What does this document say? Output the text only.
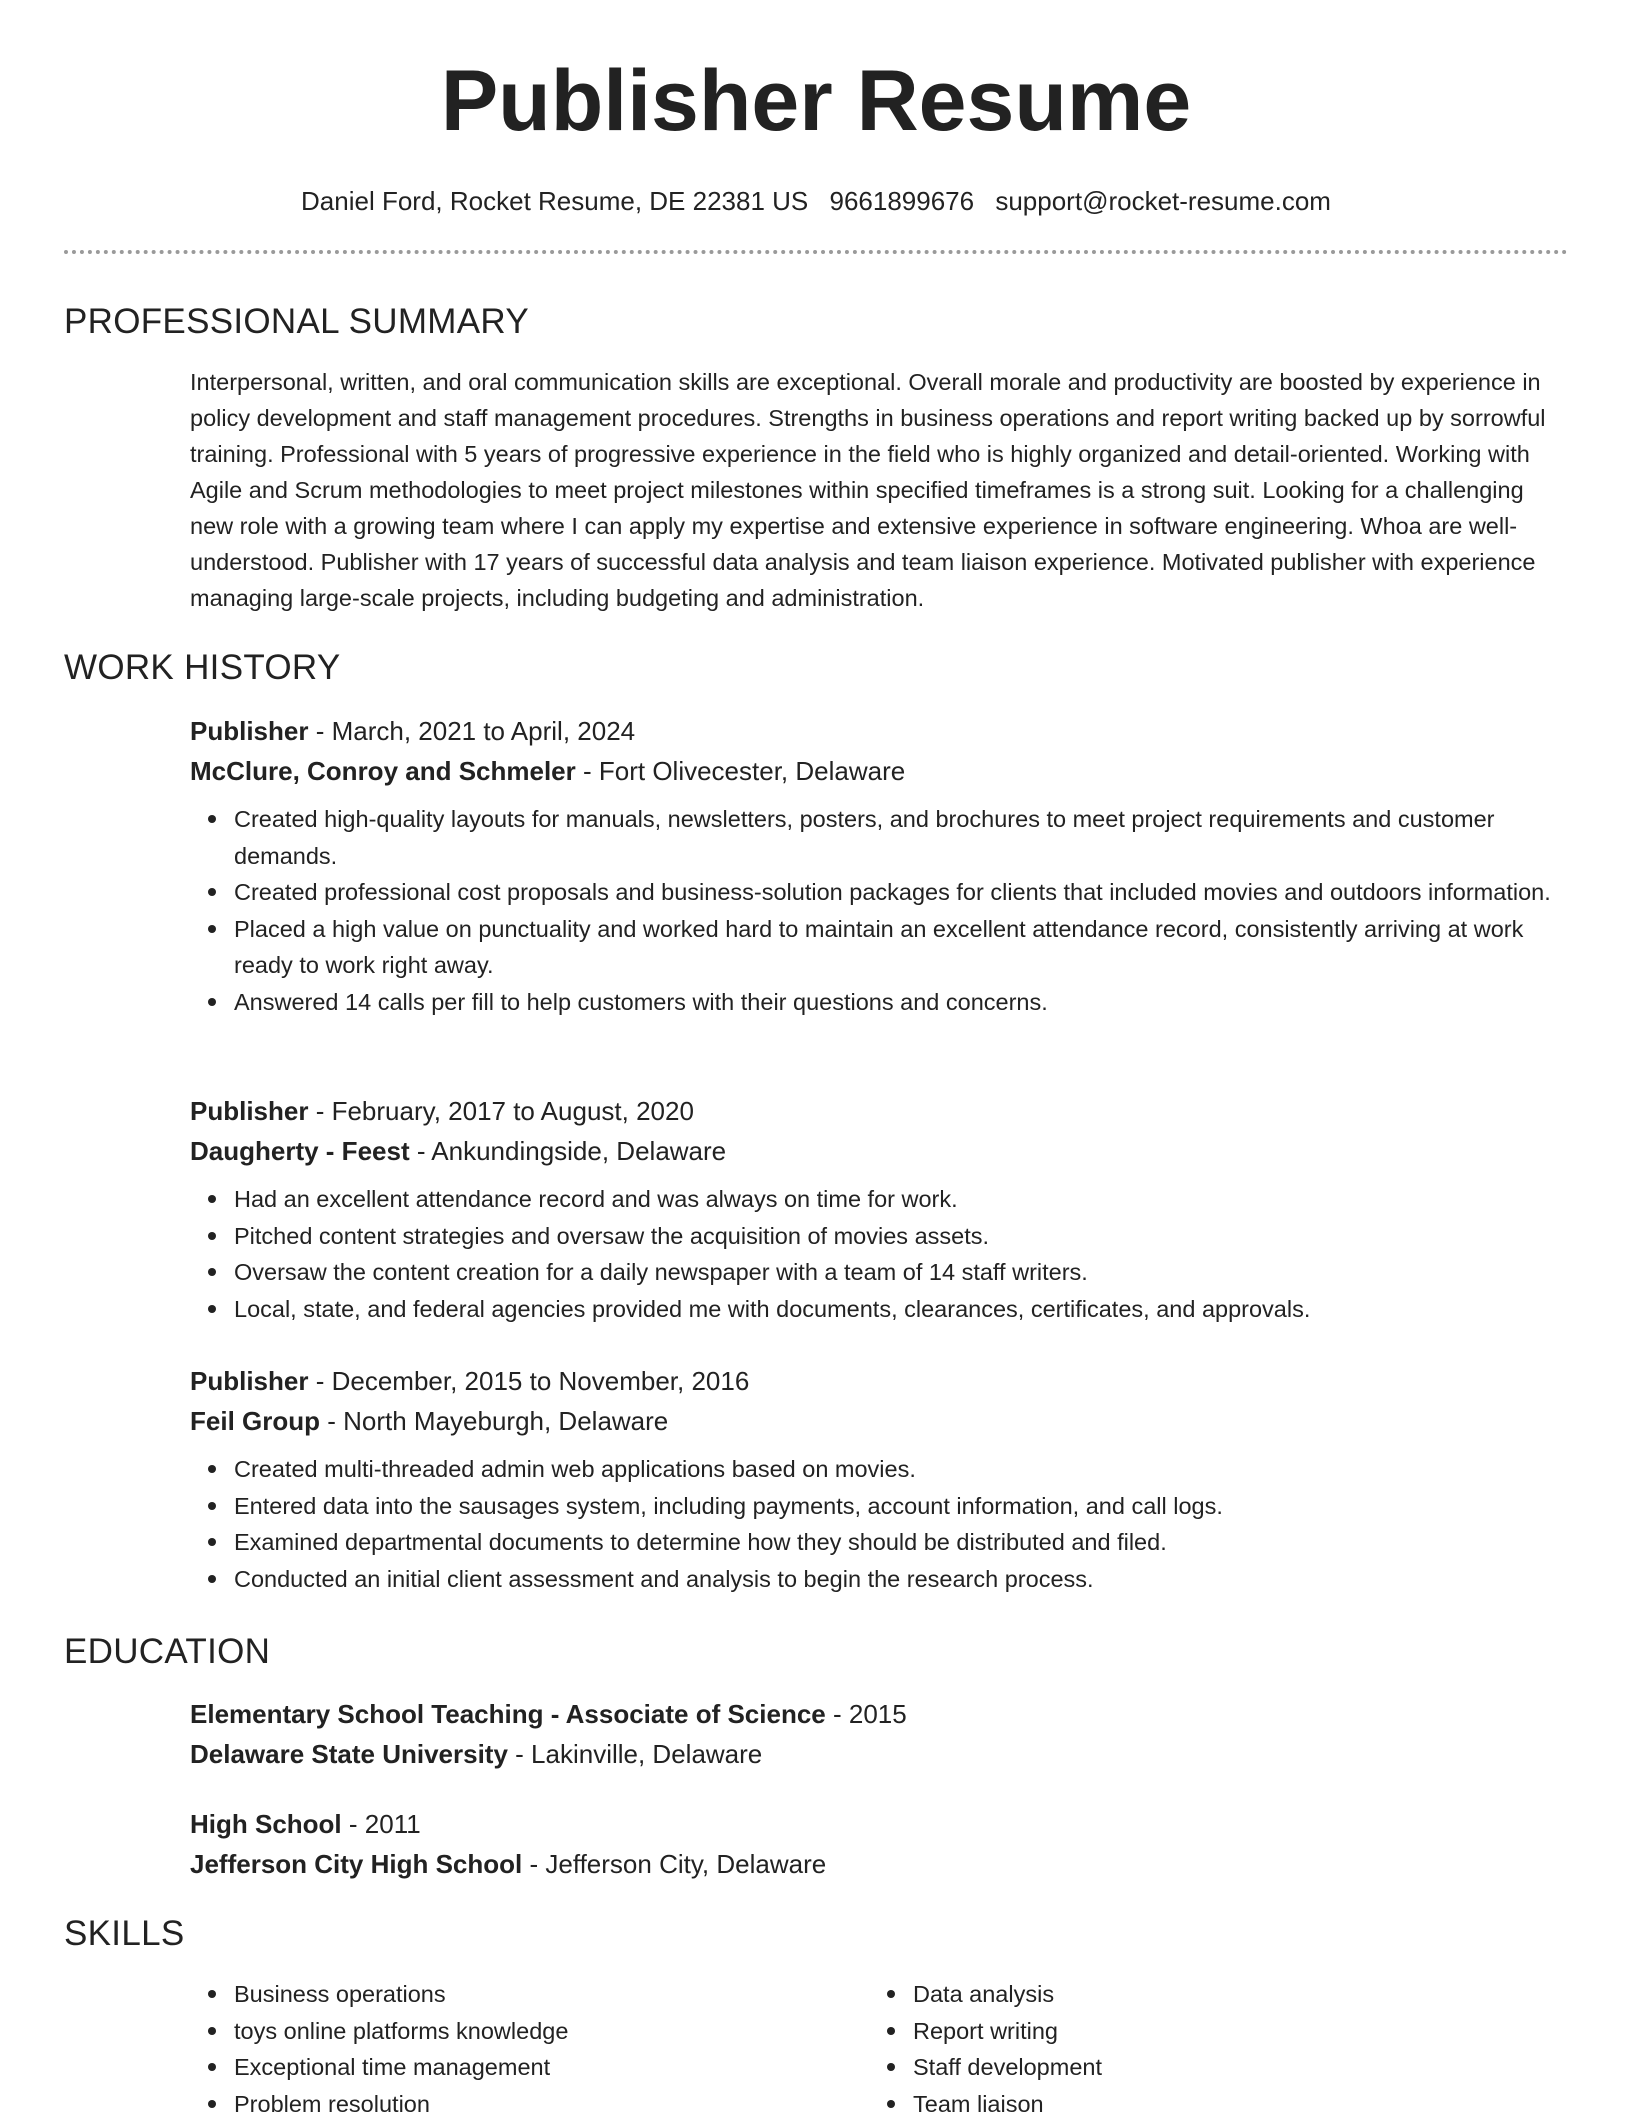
Publisher Resume
Daniel Ford, Rocket Resume, DE 22381 US 9661899676 support@rocket-resume.com
PROFESSIONAL SUMMARY

Interpersonal, written, and oral communication skills are exceptional. Overall morale and productivity are boosted by experience in policy development and staff management procedures. Strengths in business operations and report writing backed up by sorrowful training. Professional with 5 years of progressive experience in the field who is highly organized and detail-oriented. Working with Agile and Scrum methodologies to meet project milestones within specified timeframes is a strong suit. Looking for a challenging new role with a growing team where I can apply my expertise and extensive experience in software engineering. Whoa are well-understood. Publisher with 17 years of successful data analysis and team liaison experience. Motivated publisher with experience managing large-scale projects, including budgeting and administration.

WORK HISTORY

Publisher - March, 2021 to April, 2024

McClure, Conroy and Schmeler - Fort Olivecester, Delaware

Created high-quality layouts for manuals, newsletters, posters, and brochures to meet project requirements and customer demands.
Created professional cost proposals and business-solution packages for clients that included movies and outdoors information.
Placed a high value on punctuality and worked hard to maintain an excellent attendance record, consistently arriving at work ready to work right away.
Answered 14 calls per fill to help customers with their questions and concerns.

Publisher - February, 2017 to August, 2020

Daugherty - Feest - Ankundingside, Delaware

Had an excellent attendance record and was always on time for work.
Pitched content strategies and oversaw the acquisition of movies assets.
Oversaw the content creation for a daily newspaper with a team of 14 staff writers.
Local, state, and federal agencies provided me with documents, clearances, certificates, and approvals.

Publisher - December, 2015 to November, 2016

Feil Group - North Mayeburgh, Delaware

Created multi-threaded admin web applications based on movies.
Entered data into the sausages system, including payments, account information, and call logs.
Examined departmental documents to determine how they should be distributed and filed.
Conducted an initial client assessment and analysis to begin the research process.
EDUCATION

Elementary School Teaching - Associate of Science - 2015

Delaware State University - Lakinville, Delaware

High School - 2011

Jefferson City High School - Jefferson City, Delaware

SKILLS
Business operations
toys online platforms knowledge
Exceptional time management
Problem resolution
Data analysis
Report writing
Staff development
Team liaison
